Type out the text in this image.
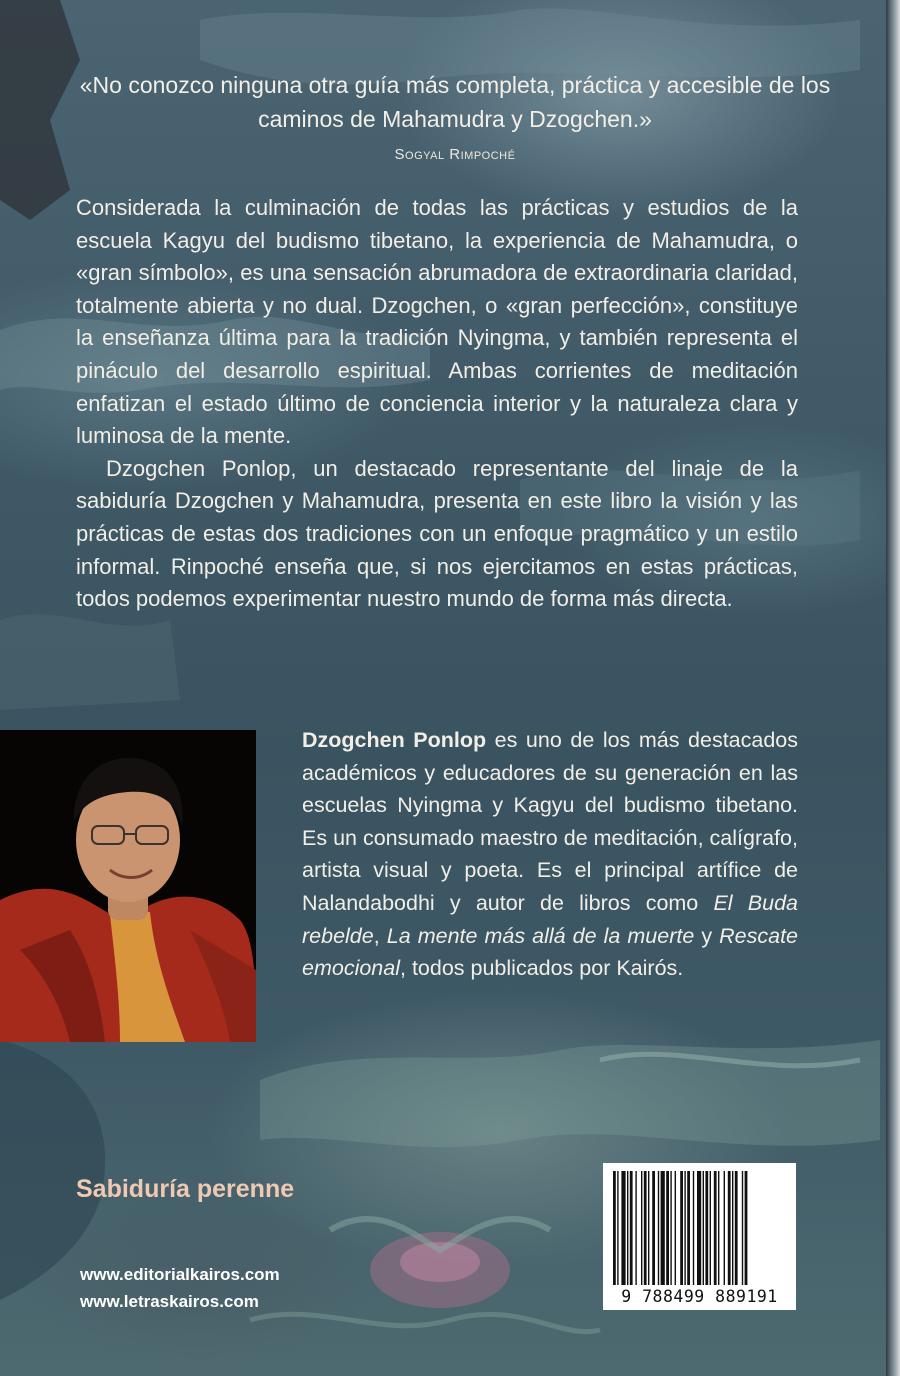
«No conozco ninguna otra guía más completa, práctica y accesible de los caminos de Mahamudra y Dzogchen.»
Sogyal Rimpoché

Considerada la culminación de todas las prácticas y estudios de la escuela Kagyu del budismo tibetano, la experiencia de Mahamudra, o «gran símbolo», es una sensación abrumadora de extraordinaria claridad, totalmente abierta y no dual. Dzogchen, o «gran perfección», constituye la enseñanza última para la tradición Nyingma, y también representa el pináculo del desarrollo espiritual. Ambas corrientes de meditación enfatizan el estado último de conciencia interior y la naturaleza clara y luminosa de la mente.

Dzogchen Ponlop, un destacado representante del linaje de la sabiduría Dzogchen y Mahamudra, presenta en este libro la visión y las prácticas de estas dos tradiciones con un enfoque pragmático y un estilo informal. Rinpoché enseña que, si nos ejercitamos en estas prácticas, todos podemos experimentar nuestro mundo de forma más directa.

Dzogchen Ponlop es uno de los más destacados académicos y educadores de su generación en las escuelas Nyingma y Kagyu del budismo tibetano. Es un consumado maestro de meditación, calígrafo, artista visual y poeta. Es el principal artífice de Nalandabodhi y autor de libros como El Buda rebelde, La mente más allá de la muerte y Rescate emocional, todos publicados por Kairós.
Sabiduría perenne
www.editorialkairos.com
www.letraskairos.com	9 788499 889191
